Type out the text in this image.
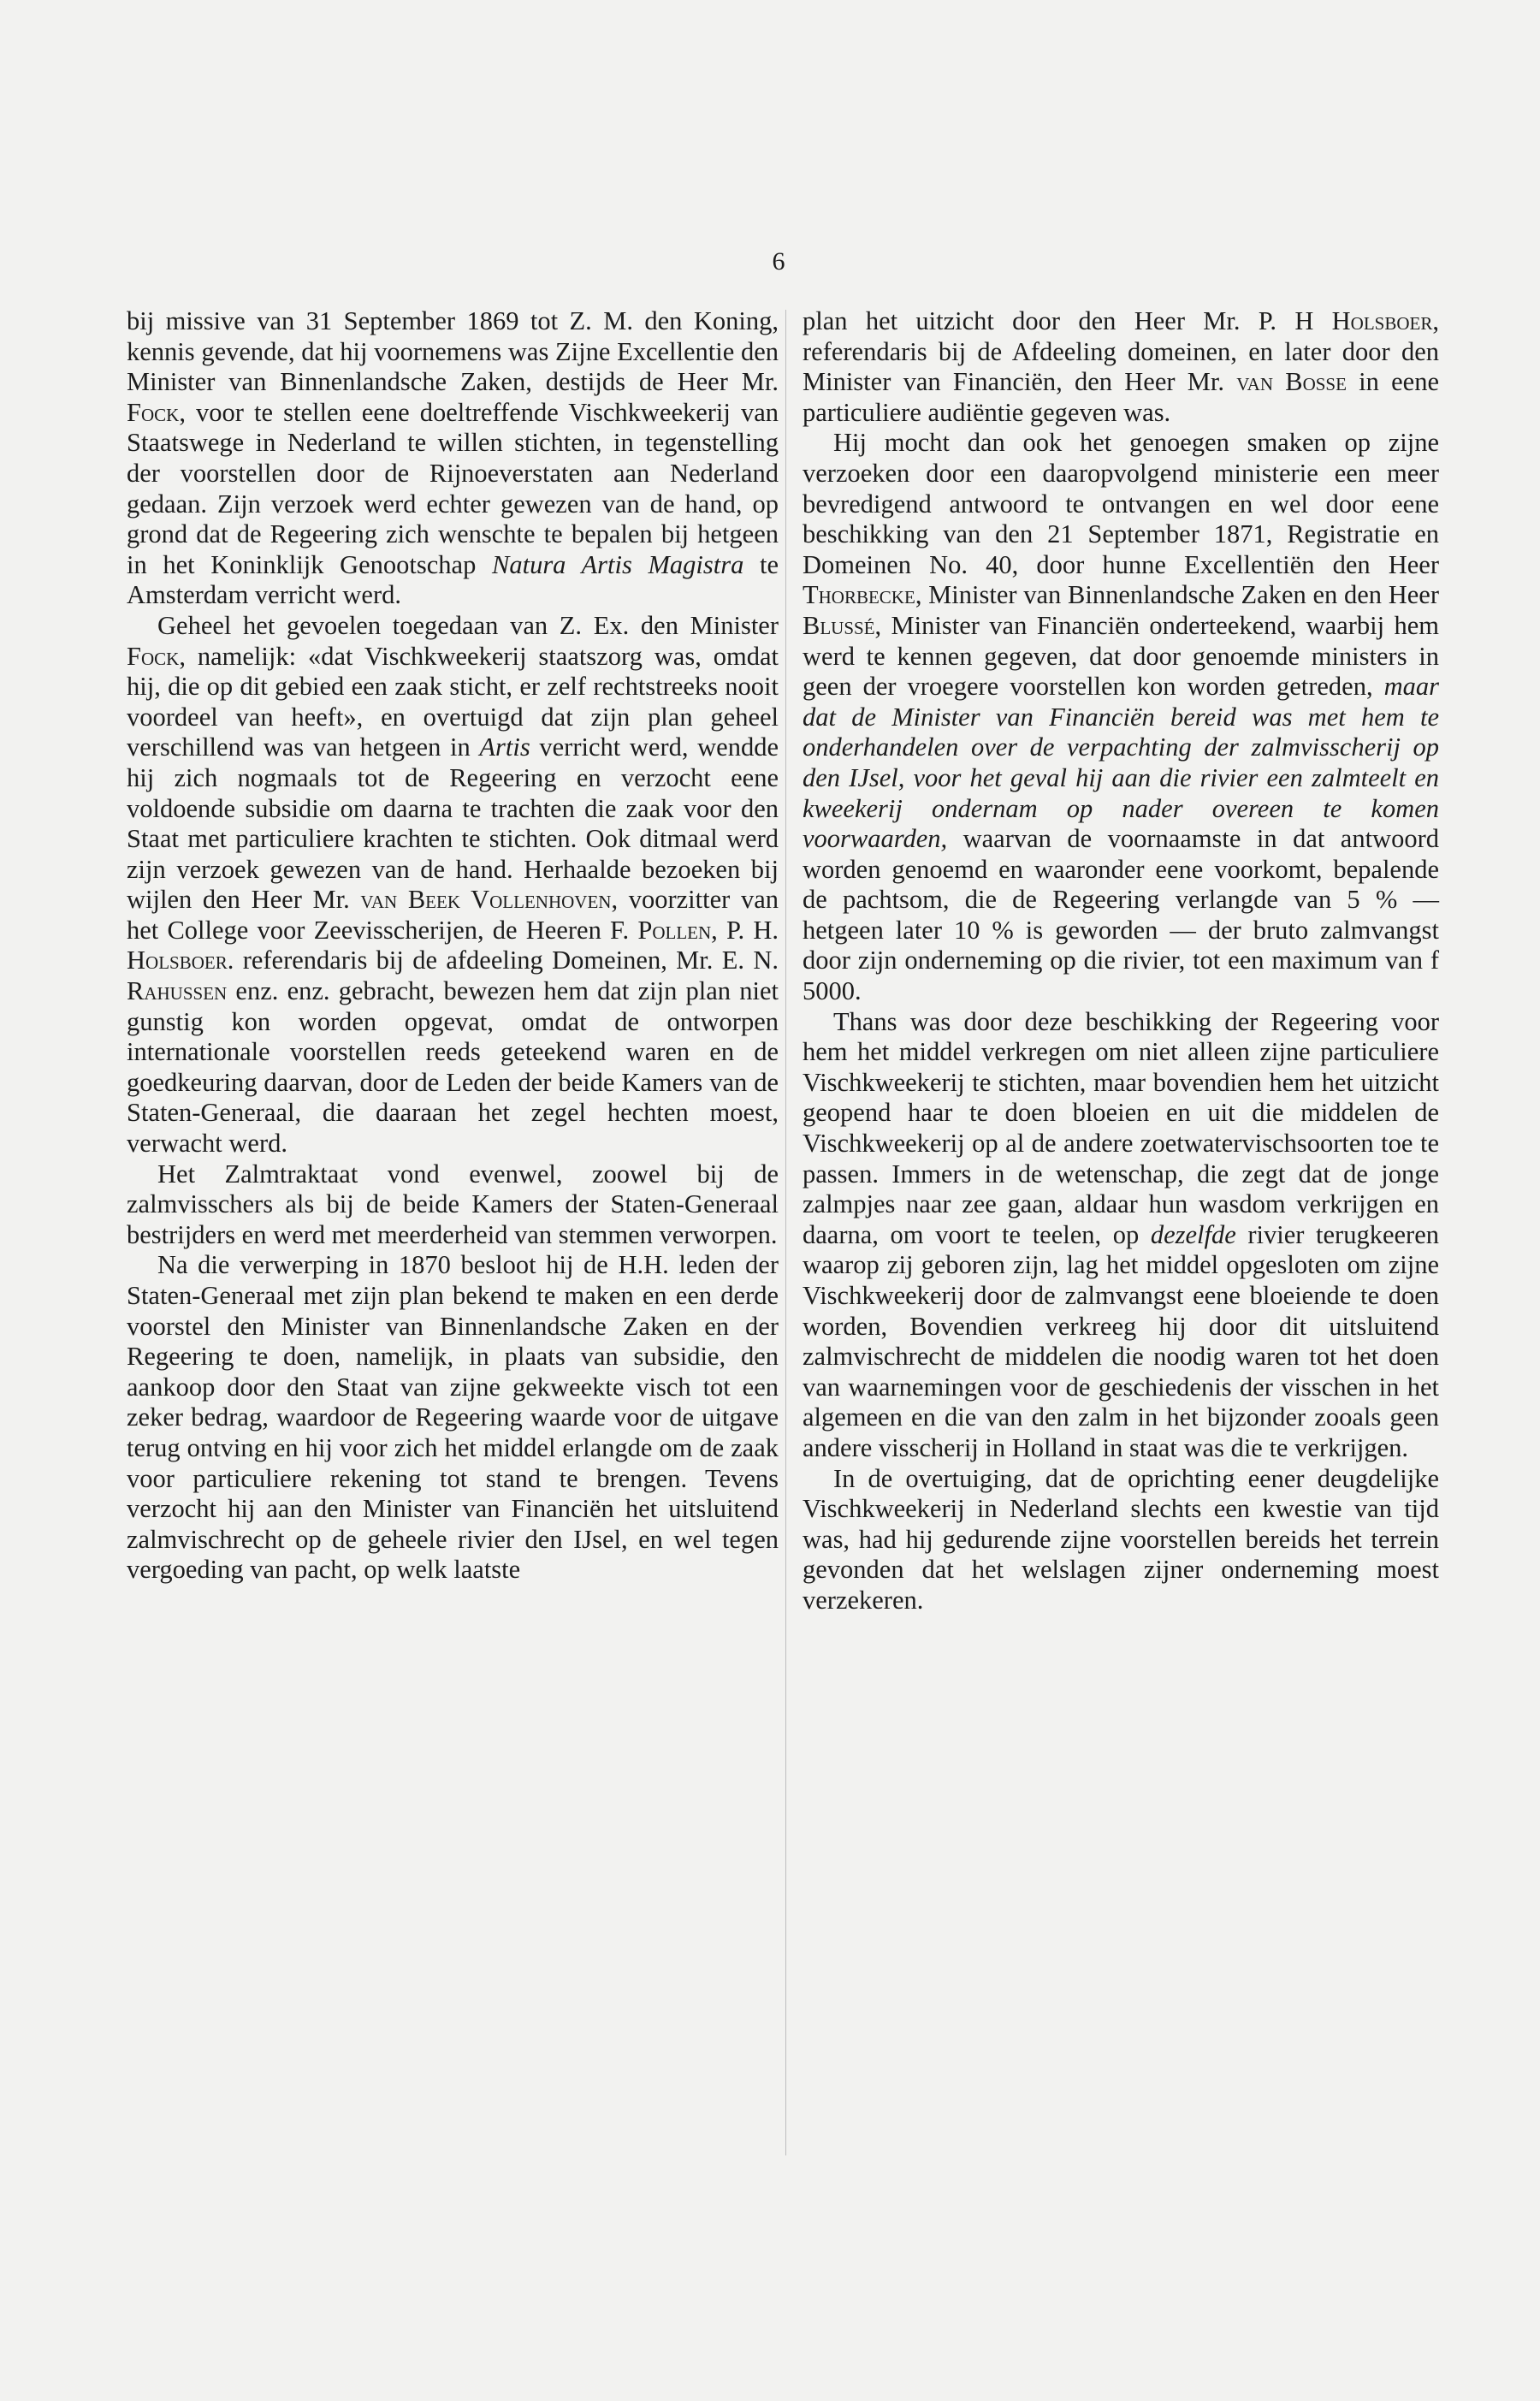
6

bij missive van 31 September 1869 tot Z. M. den Koning, kennis gevende, dat hij voornemens was Zijne Excellentie den Minister van Binnenlandsche Zaken, destijds de Heer Mr. Fock, voor te stellen eene doeltreffende Vischkweekerij van Staatswege in Nederland te willen stichten, in tegenstelling der voorstellen door de Rijnoeverstaten aan Nederland gedaan. Zijn verzoek werd echter gewezen van de hand, op grond dat de Regeering zich wenschte te bepalen bij hetgeen in het Koninklijk Genootschap Natura Artis Magistra te Amsterdam verricht werd.

Geheel het gevoelen toegedaan van Z. Ex. den Minister Fock, namelijk: «dat Vischkweekerij staatszorg was, omdat hij, die op dit gebied een zaak sticht, er zelf rechtstreeks nooit voordeel van heeft», en overtuigd dat zijn plan geheel verschillend was van hetgeen in Artis verricht werd, wendde hij zich nogmaals tot de Regeering en verzocht eene voldoende subsidie om daarna te trachten die zaak voor den Staat met particuliere krachten te stichten. Ook ditmaal werd zijn verzoek gewezen van de hand. Herhaalde bezoeken bij wijlen den Heer Mr. van Beek Vollenhoven, voorzitter van het College voor Zeevisscherijen, de Heeren F. Pollen, P. H. Holsboer. referendaris bij de afdeeling Domeinen, Mr. E. N. Rahussen enz. enz. gebracht, bewezen hem dat zijn plan niet gunstig kon worden opgevat, omdat de ontworpen internationale voorstellen reeds geteekend waren en de goedkeuring daarvan, door de Leden der beide Kamers van de Staten-Generaal, die daaraan het zegel hechten moest, verwacht werd.

Het Zalmtraktaat vond evenwel, zoowel bij de zalmvisschers als bij de beide Kamers der Staten-Generaal bestrijders en werd met meerderheid van stemmen verworpen.

Na die verwerping in 1870 besloot hij de H.H. leden der Staten-Generaal met zijn plan bekend te maken en een derde voorstel den Minister van Binnenlandsche Zaken en der Regeering te doen, namelijk, in plaats van subsidie, den aankoop door den Staat van zijne gekweekte visch tot een zeker bedrag, waardoor de Regeering waarde voor de uitgave terug ontving en hij voor zich het middel erlangde om de zaak voor particuliere rekening tot stand te brengen. Tevens verzocht hij aan den Minister van Financiën het uitsluitend zalmvischrecht op de geheele rivier den IJsel, en wel tegen vergoeding van pacht, op welk laatste

plan het uitzicht door den Heer Mr. P. H Holsboer, referendaris bij de Afdeeling domeinen, en later door den Minister van Financiën, den Heer Mr. van Bosse in eene particuliere audiëntie gegeven was.

Hij mocht dan ook het genoegen smaken op zijne verzoeken door een daaropvolgend ministerie een meer bevredigend antwoord te ontvangen en wel door eene beschikking van den 21 September 1871, Registratie en Domeinen No. 40, door hunne Excellentiën den Heer Thorbecke, Minister van Binnenlandsche Zaken en den Heer Blussé, Minister van Financiën onderteekend, waarbij hem werd te kennen gegeven, dat door genoemde ministers in geen der vroegere voorstellen kon worden getreden, maar dat de Minister van Financiën bereid was met hem te onderhandelen over de verpachting der zalmvisscherij op den IJsel, voor het geval hij aan die rivier een zalmteelt en kweekerij ondernam op nader overeen te komen voorwaarden, waarvan de voornaamste in dat antwoord worden genoemd en waaronder eene voorkomt, bepalende de pachtsom, die de Regeering verlangde van 5 % — hetgeen later 10 % is geworden — der bruto zalmvangst door zijn onderneming op die rivier, tot een maximum van f 5000.

Thans was door deze beschikking der Regeering voor hem het middel verkregen om niet alleen zijne particuliere Vischkweekerij te stichten, maar bovendien hem het uitzicht geopend haar te doen bloeien en uit die middelen de Vischkweekerij op al de andere zoetwatervischsoorten toe te passen. Immers in de wetenschap, die zegt dat de jonge zalmpjes naar zee gaan, aldaar hun wasdom verkrijgen en daarna, om voort te teelen, op dezelfde rivier terugkeeren waarop zij geboren zijn, lag het middel opgesloten om zijne Vischkweekerij door de zalmvangst eene bloeiende te doen worden, Bovendien verkreeg hij door dit uitsluitend zalmvischrecht de middelen die noodig waren tot het doen van waarnemingen voor de geschiedenis der visschen in het algemeen en die van den zalm in het bijzonder zooals geen andere visscherij in Holland in staat was die te verkrijgen.

In de overtuiging, dat de oprichting eener deugdelijke Vischkweekerij in Nederland slechts een kwestie van tijd was, had hij gedurende zijne voorstellen bereids het terrein gevonden dat het welslagen zijner onderneming moest verzekeren.
